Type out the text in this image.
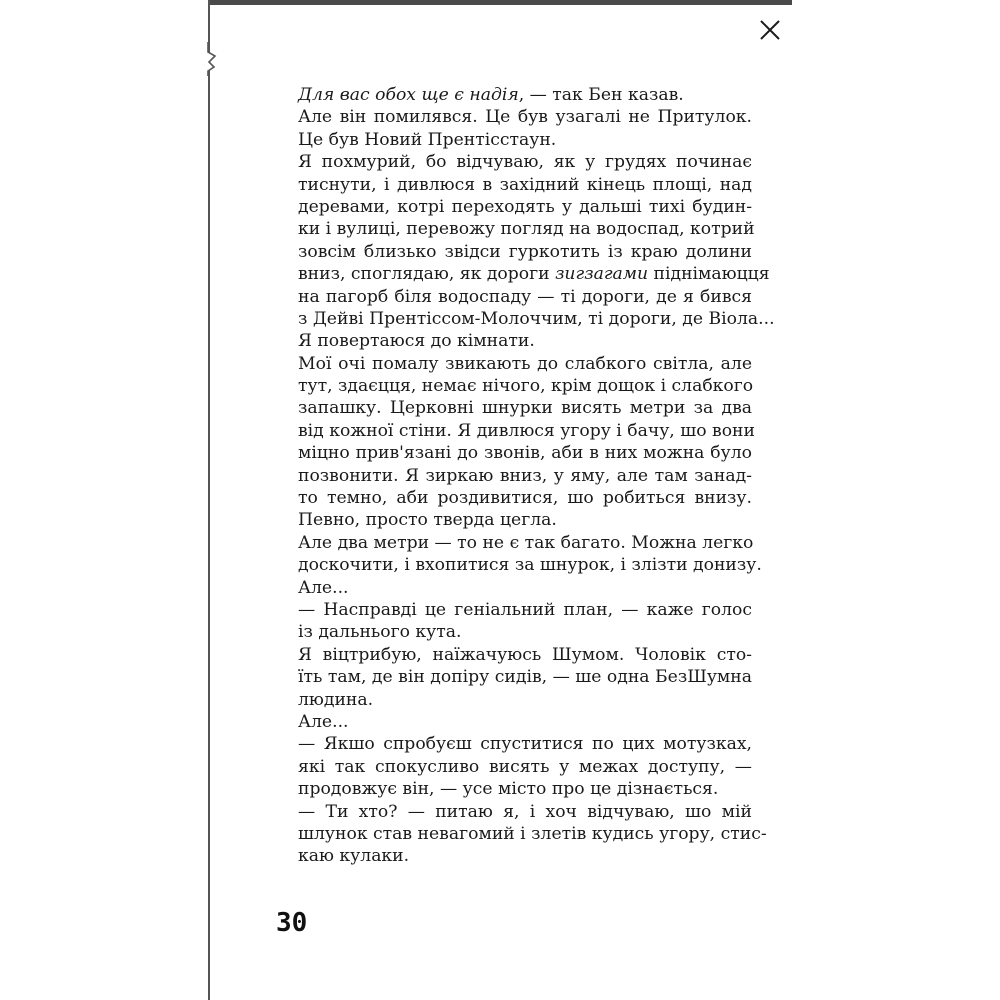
Для вас обох ще є надія, — так Бен казав.
Але він помилявся. Це був узагалі не Притулок.
Це був Новий Прентісстаун.
Я похмурий, бо відчуваю, як у грудях починає
тиснути, і дивлюся в західний кінець площі, над
деревами, котрі переходять у дальші тихі будин-
ки і вулиці, перевожу погляд на водоспад, котрий
зовсім близько звідси гуркотить із краю долини
вниз, споглядаю, як дороги зигзагами піднімаюцця
на пагорб біля водоспаду — ті дороги, де я бився
з Дейві Прентіссом-Молоччим, ті дороги, де Віола...
Я повертаюся до кімнати.
Мої очі помалу звикають до слабкого світла, але
тут, здаєцця, немає нічого, крім дощок і слабкого
запашку. Церковні шнурки висять метри за два
від кожної стіни. Я дивлюся угору і бачу, шо вони
міцно прив'язані до звонів, аби в них можна було
позвонити. Я зиркаю вниз, у яму, але там занад-
то темно, аби роздивитися, шо робиться внизу.
Певно, просто тверда цегла.
Але два метри — то не є так багато. Можна легко
доскочити, і вхопитися за шнурок, і злізти донизу.
Але...
— Насправді це геніальний план, — каже голос
із дальнього кута.
Я віцтрибую, наїжачуюсь Шумом. Чоловік сто-
їть там, де він допіру сидів, — ше одна БезШумна
людина.
Але...
— Якшо спробуєш спуститися по цих мотузках,
які так спокусливо висять у межах доступу, —
продовжує він, — усе місто про це дізнається.
— Ти хто? — питаю я, і хоч відчуваю, шо мій
шлунок став невагомий і злетів кудись угору, стис-
каю кулаки.
30
